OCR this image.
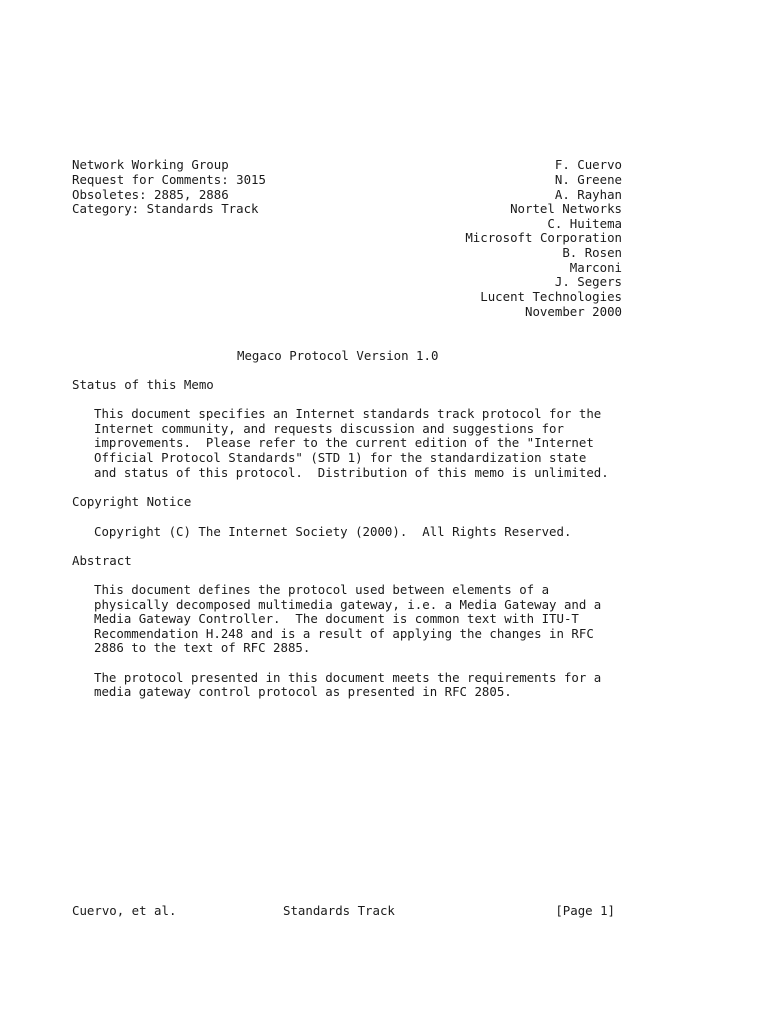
Network Working Group
Request for Comments: 3015
Obsoletes: 2885, 2886
Category: Standards Track
F. Cuervo
N. Greene
A. Rayhan
Nortel Networks
C. Huitema
Microsoft Corporation
B. Rosen
Marconi
J. Segers
Lucent Technologies
November 2000
Megaco Protocol Version 1.0
Status of this Memo
This document specifies an Internet standards track protocol for the
Internet community, and requests discussion and suggestions for
improvements.  Please refer to the current edition of the "Internet
Official Protocol Standards" (STD 1) for the standardization state
and status of this protocol.  Distribution of this memo is unlimited.
Copyright Notice
Copyright (C) The Internet Society (2000).  All Rights Reserved.
Abstract
This document defines the protocol used between elements of a
physically decomposed multimedia gateway, i.e. a Media Gateway and a
Media Gateway Controller.  The document is common text with ITU-T
Recommendation H.248 and is a result of applying the changes in RFC
2886 to the text of RFC 2885.
The protocol presented in this document meets the requirements for a
media gateway control protocol as presented in RFC 2805.
Cuervo, et al.	Standards Track	[Page 1]
